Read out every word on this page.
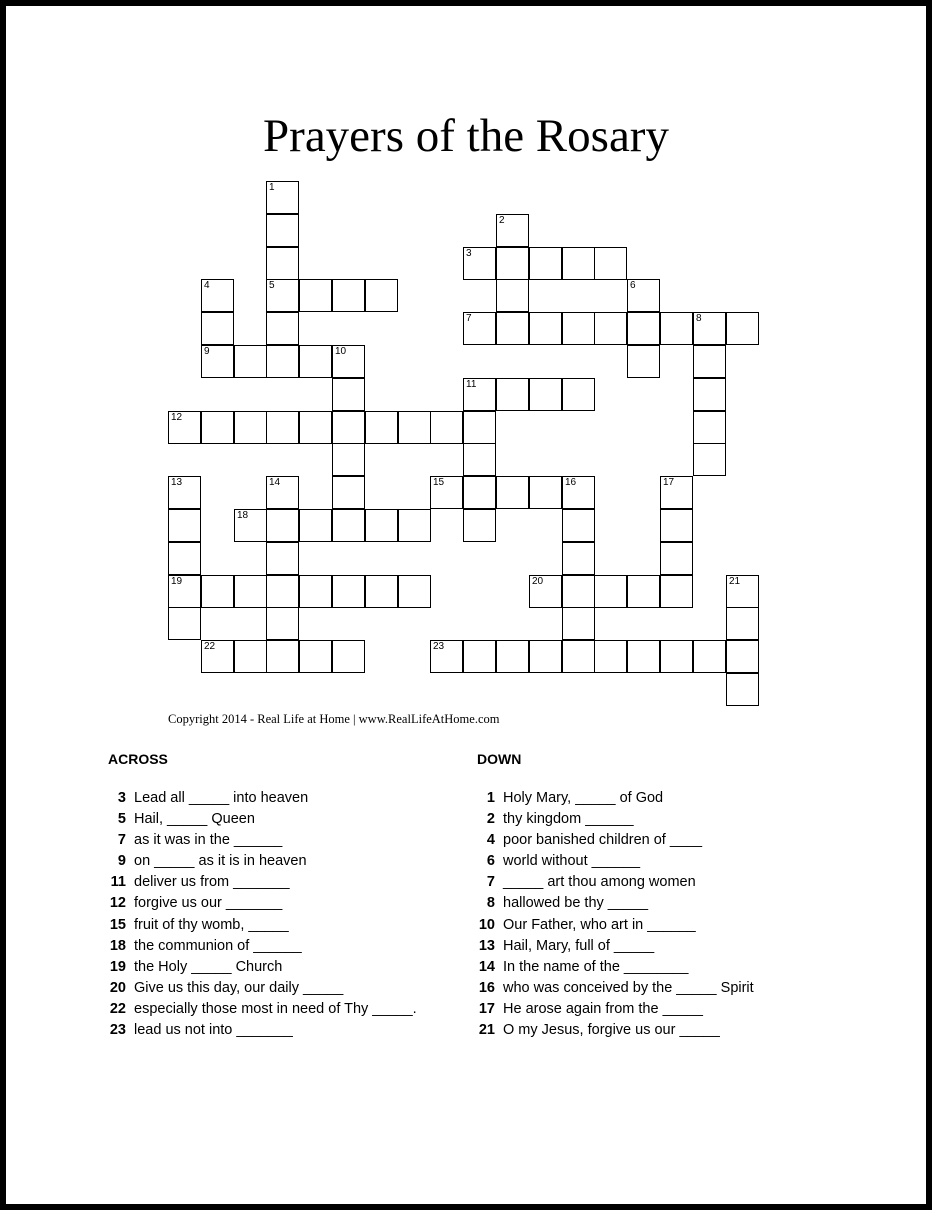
Prayers of the Rosary
1
5
2
3
4
9
6
7	8
10
11
12
13
19
14	15	16	17
18
20	21
22	23
Copyright 2014 - Real Life at Home | www.RealLifeAtHome.com
ACROSS
3 Lead all _____ into heaven
5 Hail, _____ Queen
7 as it was in the ______
9 on _____ as it is in heaven
11 deliver us from _______
12 forgive us our _______
15 fruit of thy womb, _____
18 the communion of ______
19 the Holy _____ Church
20 Give us this day, our daily _____
22 especially those most in need of Thy _____.
23 lead us not into _______
DOWN
1 Holy Mary, _____ of God
2 thy kingdom ______
4 poor banished children of ____
6 world without ______
7 _____ art thou among women
8 hallowed be thy _____
10 Our Father, who art in ______
13 Hail, Mary, full of _____
14 In the name of the ________
16 who was conceived by the _____ Spirit
17 He arose again from the _____
21 O my Jesus, forgive us our _____
